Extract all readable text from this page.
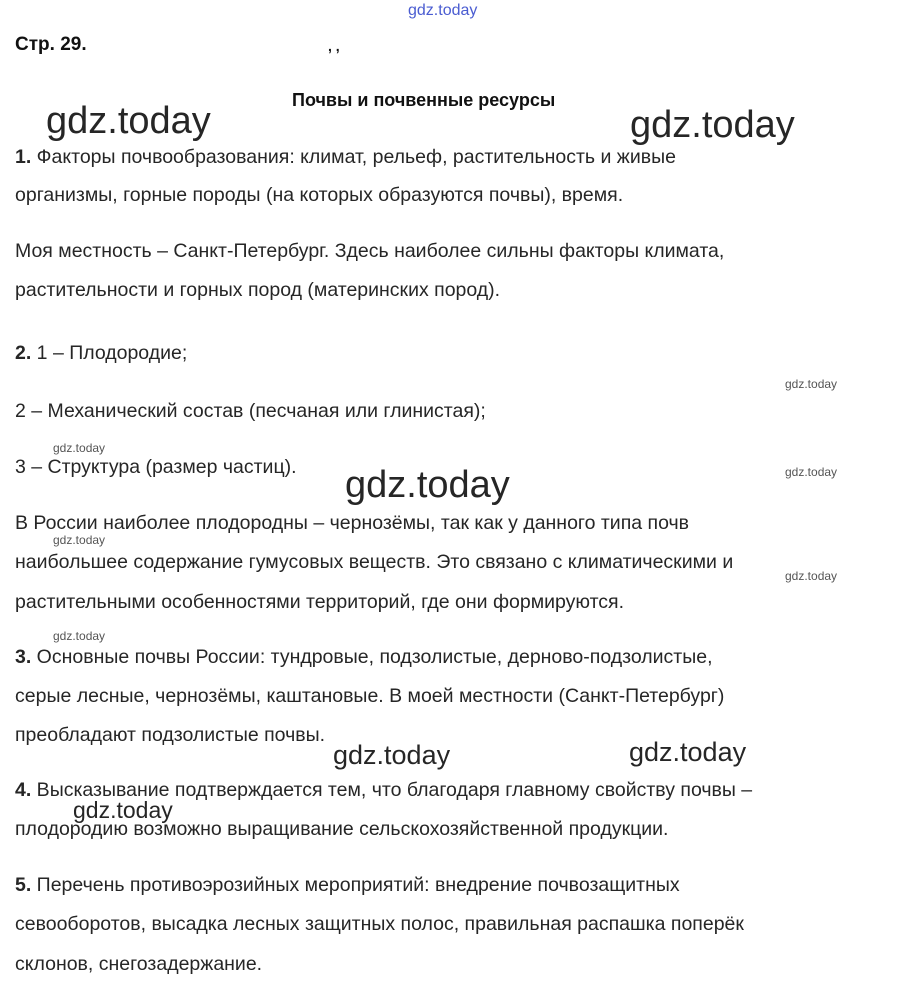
gdz.today
Стр. 29.	, ,
Почвы и почвенные ресурсы
1. Факторы почвообразования: климат, рельеф, растительность и живые
организмы, горные породы (на которых образуются почвы), время.
Моя местность – Санкт-Петербург. Здесь наиболее сильны факторы климата,
растительности и горных пород (материнских пород).
2. 1 – Плодородие;
2 – Механический состав (песчаная или глинистая);
3 – Структура (размер частиц).
В России наиболее плодородны – чернозёмы, так как у данного типа почв
наибольшее содержание гумусовых веществ. Это связано с климатическими и
растительными особенностями территорий, где они формируются.
3. Основные почвы России: тундровые, подзолистые, дерново-подзолистые,
серые лесные, чернозёмы, каштановые. В моей местности (Санкт-Петербург)
преобладают подзолистые почвы.
4. Высказывание подтверждается тем, что благодаря главному свойству почвы –
плодородию возможно выращивание сельскохозяйственной продукции.
5. Перечень противоэрозийных мероприятий: внедрение почвозащитных
севооборотов, высадка лесных защитных полос, правильная распашка поперёк
склонов, снегозадержание.
gdz.today	gdz.today
gdz.today
gdz.today	gdz.today
gdz.today
gdz.today
gdz.today
gdz.today
gdz.today
gdz.today
gdz.today
